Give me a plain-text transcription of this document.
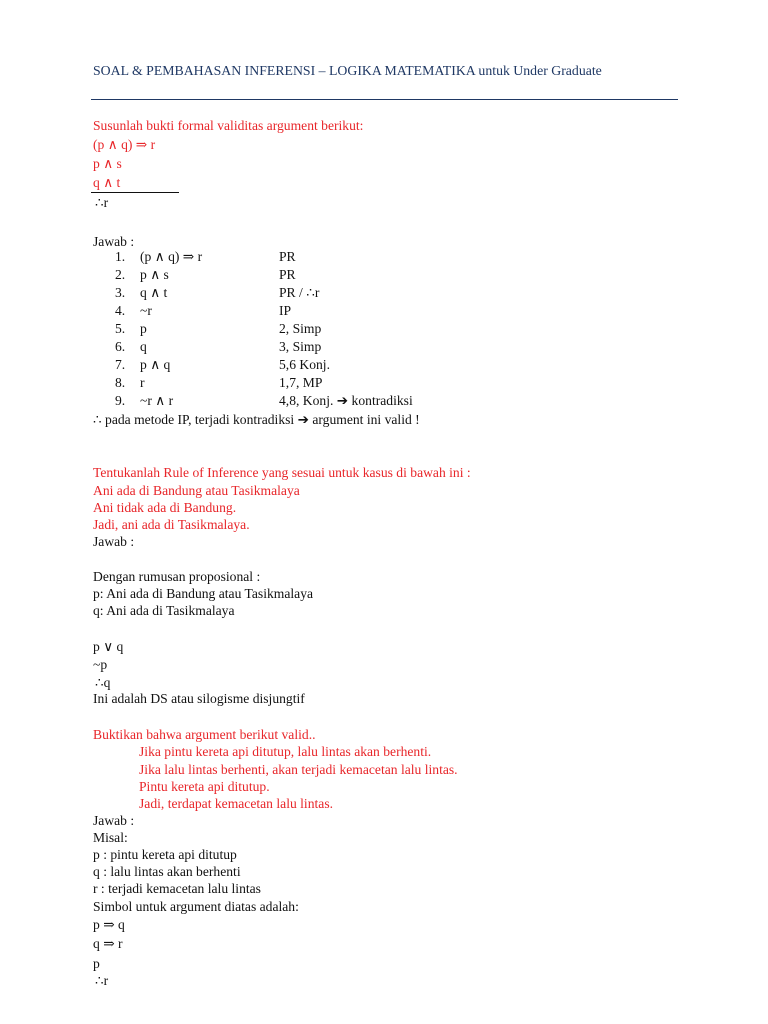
SOAL & PEMBAHASAN INFERENSI – LOGIKA MATEMATIKA untuk Under Graduate
Susunlah bukti formal validitas argument berikut:
(p ∧ q) ⇒ r
p ∧ s
q ∧ t
∴r
Jawab :
1.	(p ∧ q) ⇒ r	PR
2.	p ∧ s	PR
3.	q ∧ t	PR / ∴r
4.	~r	IP
5.	p	2, Simp
6.	q	3, Simp
7.	p ∧ q	5,6 Konj.
8.	r	1,7, MP
9.	~r ∧ r	4,8, Konj. ➔ kontradiksi
∴ pada metode IP, terjadi kontradiksi ➔ argument ini valid !
Tentukanlah Rule of Inference yang sesuai untuk kasus di bawah ini :
Ani ada di Bandung atau Tasikmalaya
Ani tidak ada di Bandung.
Jadi, ani ada di Tasikmalaya.
Jawab :
Dengan rumusan proposional :
p: Ani ada di Bandung atau Tasikmalaya
q: Ani ada di Tasikmalaya
p ∨ q
~p
∴q
Ini adalah DS atau silogisme disjungtif
Buktikan bahwa argument berikut valid..
Jika pintu kereta api ditutup, lalu lintas akan berhenti.
Jika lalu lintas berhenti, akan terjadi kemacetan lalu lintas.
Pintu kereta api ditutup.
Jadi, terdapat kemacetan lalu lintas.
Jawab :
Misal:
p : pintu kereta api ditutup
q : lalu lintas akan berhenti
r : terjadi kemacetan lalu lintas
Simbol untuk argument diatas adalah:
p ⇒ q
q ⇒ r
p
∴r
